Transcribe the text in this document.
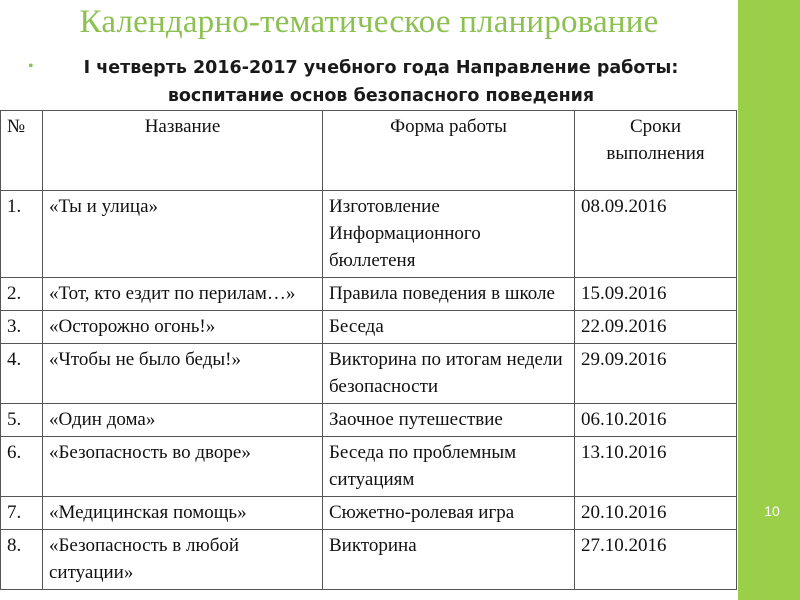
10
Календарно-тематическое планирование
•	I четверть 2016-2017 учебного года Направление работы: воспитание основ безопасного поведения
№	Название	Форма работы	Сроки выполнения
1.	«Ты и улица»	Изготовление Информационного бюллетеня	08.09.2016
2.	«Тот, кто ездит по перилам…»	Правила поведения в школе	15.09.2016
3.	«Осторожно огонь!»	Беседа	22.09.2016
4.	«Чтобы не было беды!»	Викторина по итогам недели безопасности	29.09.2016
5.	«Один дома»	Заочное путешествие	06.10.2016
6.	«Безопасность во дворе»	Беседа по проблемным ситуациям	13.10.2016
7.	«Медицинская помощь»	Сюжетно-ролевая игра	20.10.2016
8.	«Безопасность в любой ситуации»	Викторина	27.10.2016
